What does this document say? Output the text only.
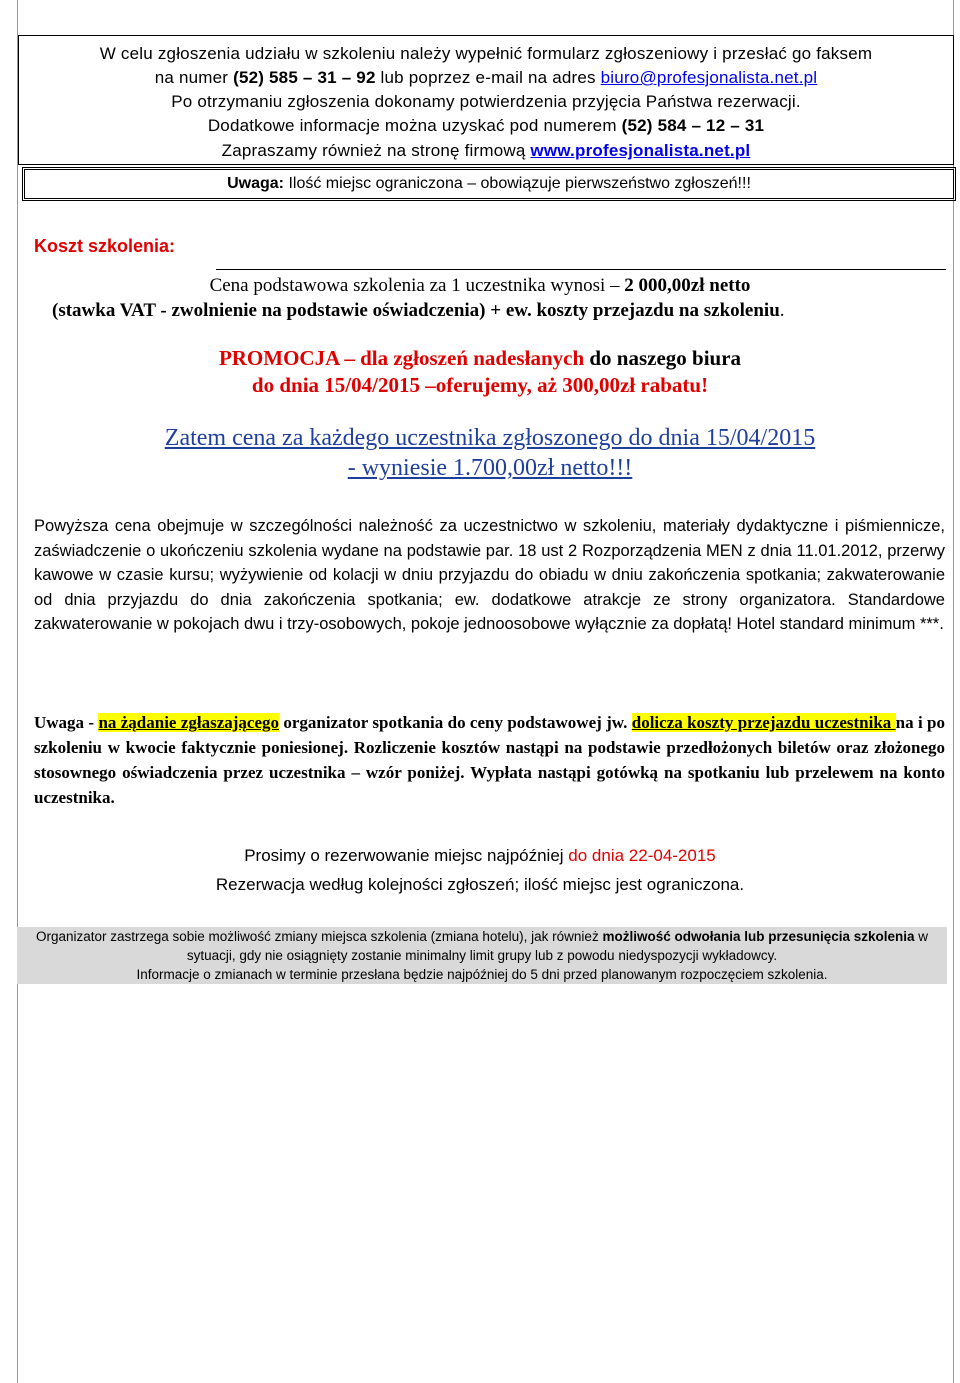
W celu zgłoszenia udziału w szkoleniu należy wypełnić formularz zgłoszeniowy i przesłać go faksem
na numer (52) 585 – 31 – 92 lub poprzez e-mail na adres biuro@profesjonalista.net.pl
Po otrzymaniu zgłoszenia dokonamy potwierdzenia przyjęcia Państwa rezerwacji.
Dodatkowe informacje można uzyskać pod numerem (52) 584 – 12 – 31
Zapraszamy również na stronę firmową www.profesjonalista.net.pl
Uwaga: Ilość miejsc ograniczona – obowiązuje pierwszeństwo zgłoszeń!!!
Koszt szkolenia:
Cena podstawowa szkolenia za 1 uczestnika wynosi – 2 000,00zł netto
(stawka VAT - zwolnienie na podstawie oświadczenia) + ew. koszty przejazdu na szkoleniu.
PROMOCJA – dla zgłoszeń nadesłanych do naszego biura
do dnia 15/04/2015 –oferujemy, aż 300,00zł rabatu!
Zatem cena za każdego uczestnika zgłoszonego do dnia 15/04/2015
- wyniesie 1.700,00zł netto!!!
Powyższa cena obejmuje w szczególności należność za uczestnictwo w szkoleniu, materiały dydaktyczne i piśmiennicze, zaświadczenie o ukończeniu szkolenia wydane na podstawie par. 18 ust 2 Rozporządzenia MEN z dnia 11.01.2012, przerwy kawowe w czasie kursu; wyżywienie od kolacji w dniu przyjazdu do obiadu w dniu zakończenia spotkania; zakwaterowanie od dnia przyjazdu do dnia zakończenia spotkania; ew. dodatkowe atrakcje ze strony organizatora. Standardowe zakwaterowanie w pokojach dwu i trzy-osobowych, pokoje jednoosobowe wyłącznie za dopłatą! Hotel standard minimum ***.
Uwaga - na żądanie zgłaszającego organizator spotkania do ceny podstawowej jw. dolicza koszty przejazdu uczestnika na i po szkoleniu w kwocie faktycznie poniesionej. Rozliczenie kosztów nastąpi na podstawie przedłożonych biletów oraz złożonego stosownego oświadczenia przez uczestnika – wzór poniżej. Wypłata nastąpi gotówką na spotkaniu lub przelewem na konto uczestnika.
Prosimy o rezerwowanie miejsc najpóźniej do dnia 22-04-2015
Rezerwacja według kolejności zgłoszeń; ilość miejsc jest ograniczona.
Organizator zastrzega sobie możliwość zmiany miejsca szkolenia (zmiana hotelu), jak również możliwość odwołania lub przesunięcia szkolenia w sytuacji, gdy nie osiągnięty zostanie minimalny limit grupy lub z powodu niedyspozycji wykładowcy.
Informacje o zmianach w terminie przesłana będzie najpóźniej do 5 dni przed planowanym rozpoczęciem szkolenia.
